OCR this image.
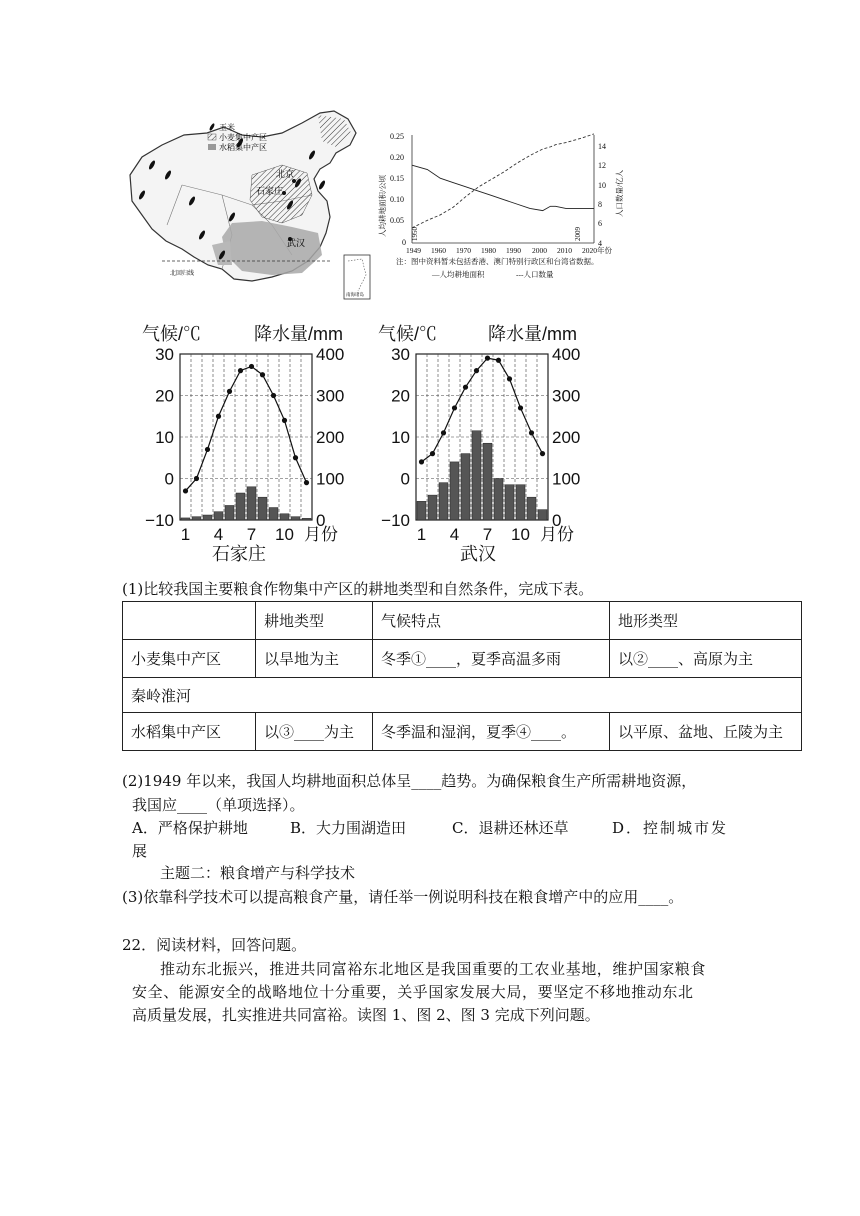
玉米
小麦集中产区
水稻集中产区
北京
石家庄
武汉
北回归线
南海诸岛
0.25
0.20
0.15
0.10
0.05
0
14
12
10
8
6
4
人均耕地面积/公顷	人口数量/亿人
1949 1960 1970 1980 1990 2000 2010 2020年份
1950	2009
注：图中资料暂未包括香港、澳门特别行政区和台湾省数据。
—人均耕地面积	---人口数量
气候/℃	降水量/mm 气候/℃	降水量/mm
30
20
10
0
−10
400
300
200
100
0
1 4 7 10 月份
30
20
10
0
−10
400
300
200
100
0
1 4 7 10 月份
石家庄	武汉
(1)比较我国主要粮食作物集中产区的耕地类型和自然条件，完成下表。
	耕地类型	气候特点	地形类型
小麦集中产区	以旱地为主	冬季①____，夏季高温多雨	以②____、高原为主
秦岭淮河			
水稻集中产区	以③____为主	冬季温和湿润，夏季④____。	以平原、盆地、丘陵为主
(2)1949 年以来，我国人均耕地面积总体呈____趋势。为确保粮食生产所需耕地资源，
我国应____（单项选择）。
A．严格保护耕地	B．大力围湖造田	C．退耕还林还草	D．控制城市发
展
主题二：粮食增产与科学技术
(3)依靠科学技术可以提高粮食产量，请任举一例说明科技在粮食增产中的应用____。
22．阅读材料，回答问题。
推动东北振兴，推进共同富裕东北地区是我国重要的工农业基地，维护国家粮食
安全、能源安全的战略地位十分重要，关乎国家发展大局，要坚定不移地推动东北
高质量发展，扎实推进共同富裕。读图 1、图 2、图 3 完成下列问题。
